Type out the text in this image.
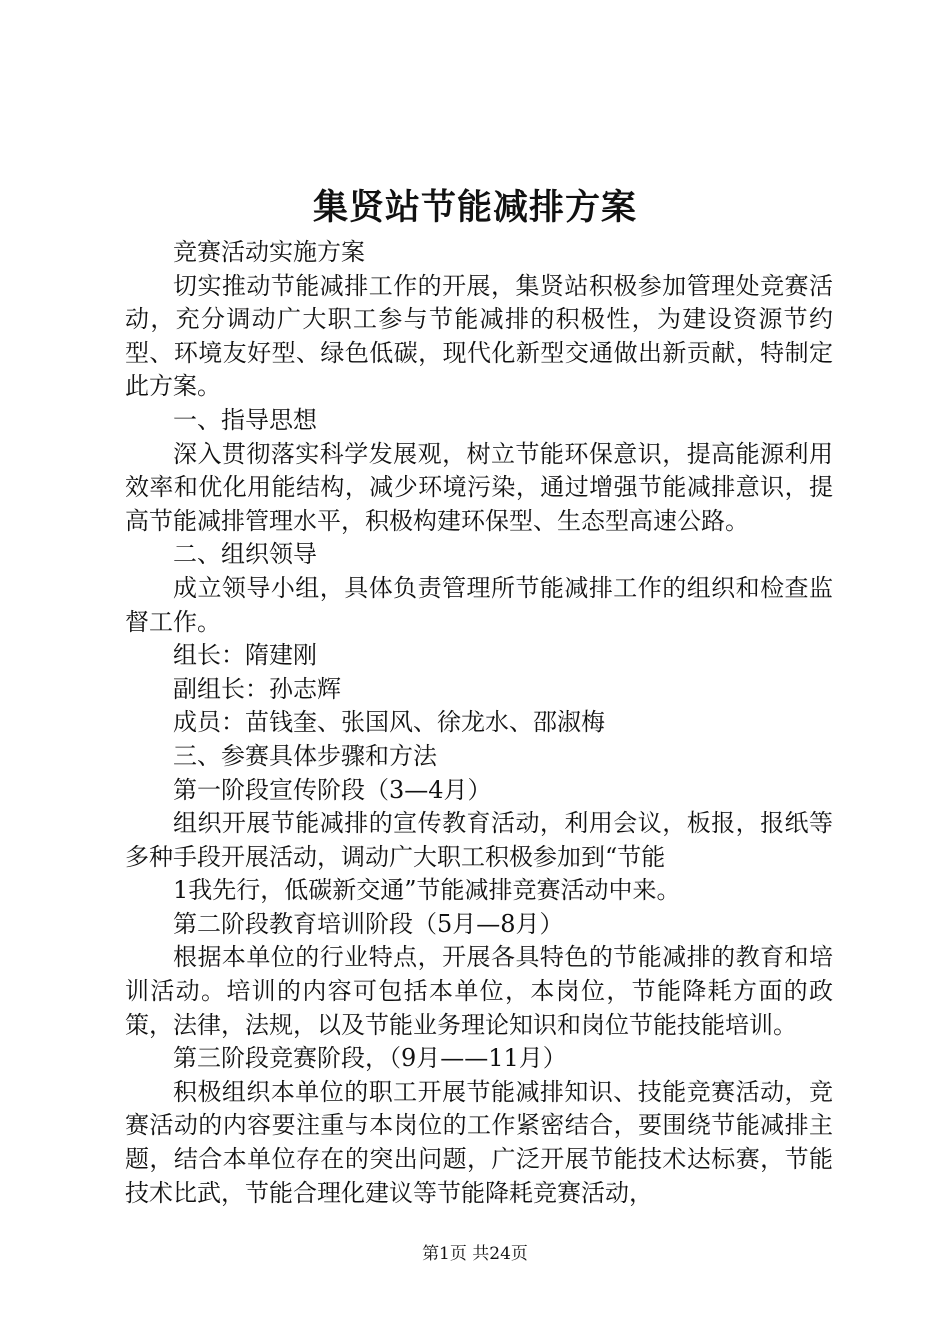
集贤站节能减排方案

竞赛活动实施方案

切实推动节能减排工作的开展，集贤站积极参加管理处竞赛活动，充分调动广大职工参与节能减排的积极性，为建设资源节约型、环境友好型、绿色低碳，现代化新型交通做出新贡献，特制定此方案。

一、指导思想

深入贯彻落实科学发展观，树立节能环保意识，提高能源利用效率和优化用能结构，减少环境污染，通过增强节能减排意识，提高节能减排管理水平，积极构建环保型、生态型高速公路。

二、组织领导

成立领导小组，具体负责管理所节能减排工作的组织和检查监督工作。

组长：隋建刚

副组长：孙志辉

成员：苗钱奎、张国风、徐龙水、邵淑梅

三、参赛具体步骤和方法

第一阶段宣传阶段（3—4月）

组织开展节能减排的宣传教育活动，利用会议，板报，报纸等多种手段开展活动，调动广大职工积极参加到“节能

1我先行，低碳新交通”节能减排竞赛活动中来。

第二阶段教育培训阶段（5月—8月）

根据本单位的行业特点，开展各具特色的节能减排的教育和培训活动。培训的内容可包括本单位，本岗位，节能降耗方面的政策，法律，法规，以及节能业务理论知识和岗位节能技能培训。

第三阶段竞赛阶段，（9月——11月）

积极组织本单位的职工开展节能减排知识、技能竞赛活动，竞赛活动的内容要注重与本岗位的工作紧密结合，要围绕节能减排主题，结合本单位存在的突出问题，广泛开展节能技术达标赛，节能技术比武，节能合理化建议等节能降耗竞赛活动，

第1页 共24页
